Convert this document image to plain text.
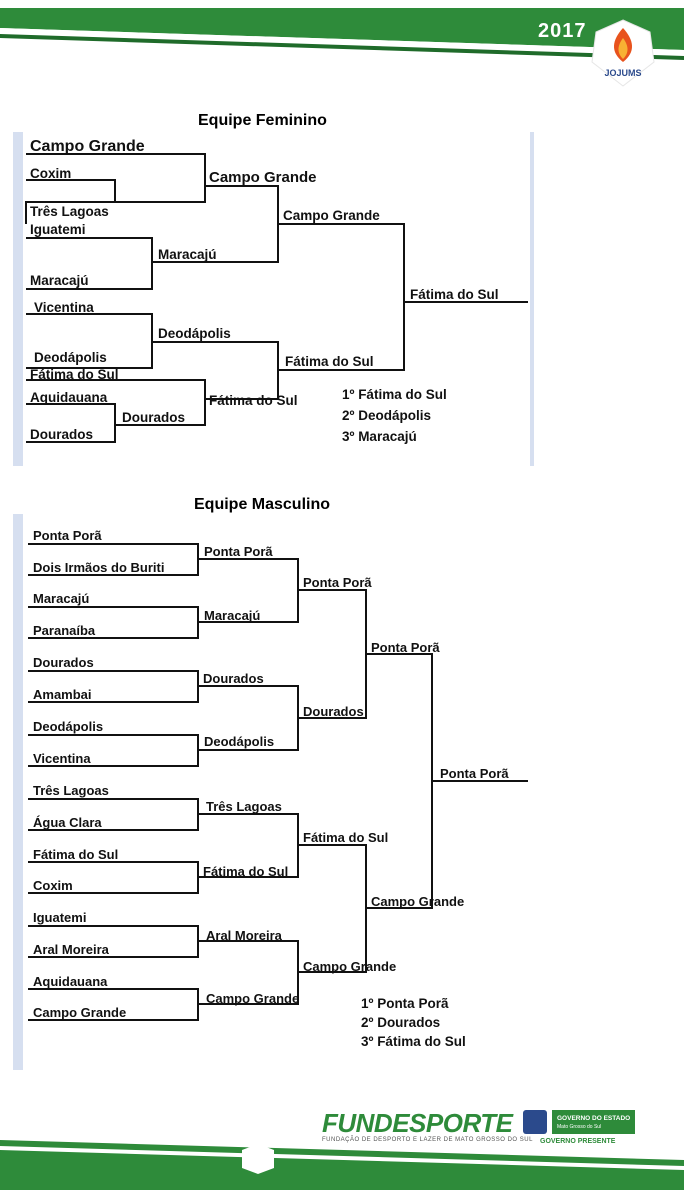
2017
JOJUMS
Equipe Feminino
Campo Grande
Coxim
Três Lagoas
Iguatemi
Maracajú
Vicentina
Deodápolis
Fátima do Sul
Aquidauana
Dourados
Campo Grande
Maracajú
Deodápolis
Dourados
Fátima do Sul
Campo Grande
Fátima do Sul
Fátima do Sul
1º Fátima do Sul
2º Deodápolis
3º Maracajú
Equipe Masculino
Ponta Porã
Dois Irmãos do Buriti
Maracajú
Paranaíba
Dourados
Amambai
Deodápolis
Vicentina
Três Lagoas
Água Clara
Fátima do Sul
Coxim
Iguatemi
Aral Moreira
Aquidauana
Campo Grande
Ponta Porã
Maracajú
Dourados
Deodápolis
Três Lagoas
Fátima do Sul
Aral Moreira
Campo Grande
Ponta Porã
Dourados
Fátima do Sul
Campo Grande
Ponta Porã
Campo Grande
Ponta Porã
1º Ponta Porã
2º Dourados
3º Fátima do Sul
FUNDESPORTE
FUNDAÇÃO DE DESPORTO E LAZER DE MATO GROSSO DO SUL
GOVERNO DO ESTADO
Mato Grosso do Sul
GOVERNO PRESENTE
